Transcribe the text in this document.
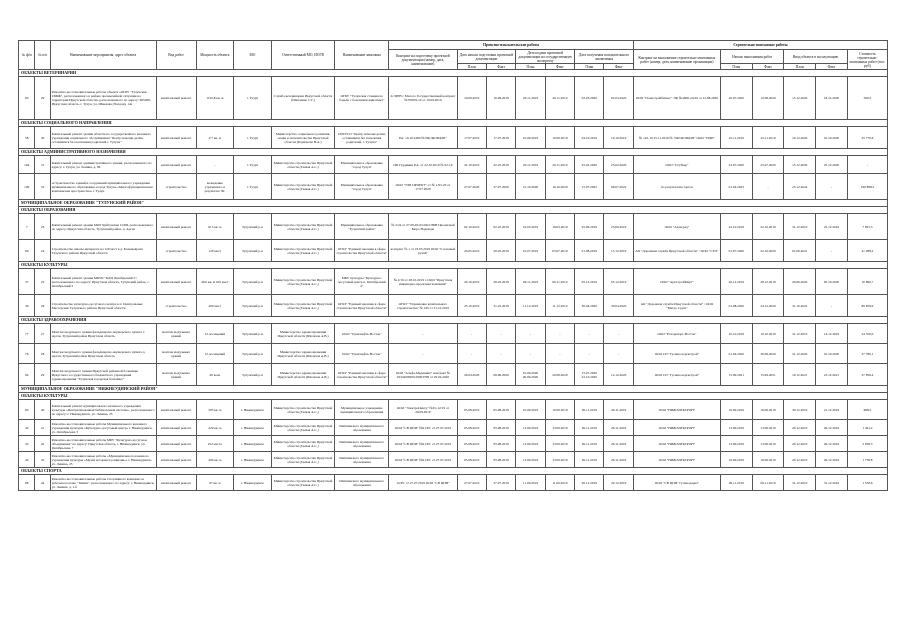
№ ф/м	№ п/п	Наименование мероприятия, адрес объекта	Вид работ	Мощность объекта	МО	Ответственный МО, ИОГВ	Наименование заказчика	Проектно-изыскательские работы							Строительно-монтажные работы					
								Контракт на подготовку проектной документации (номер, дата, наименование)	Дата начала подготовки проектной документации		Дата подачи проектной документации на государственную экспертизу		Дата получения положительного заключения		Контракт на выполнение строительно-монтажных работ (номер, дата, наименование организации)	Начало выполнения работ		Ввод объекта в эксплуатацию		Стоимость строительно-монтажных работ (тыс. руб)
									План	Факт	План	Факт	План	Факт		План	Факт	План	Факт	
ОБЪЕКТЫ ВЕТЕРИНАРИИ																				
90	29	Ремонтно-восстановительные работы объекта «ОГБУ "Тулунская СББЖ", расположенного в районе чрезвычайной ситуации на территории Иркутской области» расположенного по адресу: 665268, Иркутская область, г. Тулун, ул. Шмелева (Чалдон), 14а	капитальный ремонт	1150,8 кв. м	г. Тулун	Служба ветеринарии Иркутской области (Шапченко С.Г.)	ОГБУ "Тулунская станция по борьбе с болезнями животных"	2с/ЦЕН с Малого Государственный контракт №700/09-10 от 10.09.2019	10.09.2019	10.09.2019	20.11.2019	20.11.2019	02.03.2020	02.03.2020	ООО "Полистройбизнес" ЭФ №4600-24/20 от 12.08.2020	20.07.2020	12.08.2020	15.12.2020	18.12.2020	590,5
ОБЪЕКТЫ СОЦИАЛЬНОГО НАПРАВЛЕНИЯ																				
58	30	Капитальный ремонт здания областного государственного казенного учреждения социального обслуживания "Центр помощи детям, оставшимся без попечения родителей г. Тулуна"	капитальный ремонт	0 7 кв. м	г. Тулун	Министерство социального развития, опеки и попечительства Иркутской области (Родионова В.А.)	ОГКУСО "Центр помощи детям, оставшимся без попечения родителей, г. Тулуна"	Рег. 10.19 2490 №ЭФ/ДК/ЧЦОП"	17.07.2019	17.07.2019	10.09.2019	10.09.2019	04.10.2019	10.10.2019	№ 145-19 25.11.2019 № ЭФ/ОР/ЧЦОП" ООО "ПЦП"	25.11.2019	25.11.2019	10.12.2020	10.10.2020	25 770,6
ОБЪЕКТЫ АДМИНИСТРАТИВНОГО НАЗНАЧЕНИЯ																				
104	31	Капитальный ремонт административного здания, расположенного по адресу: г. Тулун, ул. Ленина, д. 99	капитальный ремонт	-	г. Тулун	Министерство строительства Иркутской области (Гаевая А.С.)	Муниципальное образование "город Тулун"	ИП Грудинин Р.А. от 22.10.2019 № 02-19	22.10.2019	22.10.2019	20.11.2019	20.11.2019	25.02.2020	25.02.2020	ООО "СтрТвер"	23.07.2020	25.07.2020	15.12.2020	25.12.2020	-
109	32	«Строительство зданий и сооружений муниципального учреждения муниципального образования «город Тулун» «Многофункциональная комплексная пространство» г. Тулун	строительство	возведение утраченного в результате ЧС	г. Тулун	Министерство строительства Иркутской области (Гаевая А.С.)	Муниципальное образование "город Тулун"	ООО "УРБ ПРОЕКТ" от № 1/93-20 от 17.07.2020	27.07.2020	27.07.2020	15.10.2020	16.10.2020	15.07.2022	06.07.2022	по результатам торгов	01.04.2023	-	25.12.2024	-	199 898,5
МУНИЦИПАЛЬНОЕ ОБРАЗОВАНИЕ "ТУЛУНСКИЙ РАЙОН"																				
ОБЪЕКТЫ ОБРАЗОВАНИЯ																				
7	23	Капитальный ремонт здания МОУ Куйтунская СОШ, расположенного по адресу: Иркутская область, Тулунский район, д. Арган	капитальный ремонт	615 кв. м	Тулунский р-н	Министерство строительства Иркутской области (Гаевая А.С.)	Муниципальное образование "Тулунский район"	№ 2/24 от 27.09.2019 ООО ПБН Проектный Бюро Надежды	02.10.2019	02.10.2019	19.03.2019	19.03.2019	25.09.2019	25.09.2019	ООО "Алльград"	22.10.2019	22.10.2019	31.12.2019	25.12.2019	7 901,3
69	24	Строительство школы-интерната на 120 мест в д. Большеяраля Тулунского района Иркутской области	строительство	120 мест	Тулунский р-н	Министерство строительства Иркутской области (Гаевая А.С.)	ОГКУ "Единый заказчик в сфере строительства Иркутской области"	контракт № 1 от 16.05.2019 ООО "Сосновый ручей"	20.05.2019	20.05.2019	01.07.2019	05.07.2019	01.08.2019	15.12.2019	АО "Дорожная служба Иркутской области" / ООО "СТП"	01.07.2020	22.10.2020	01.09.2021	-	41 288,2
ОБЪЕКТЫ КУЛЬТУРЫ																				
37	25	Капитальный ремонт здания МКУК "КДЦ Октябрьский 2", расположенного по адресу: Иркутская область, Тулунский район, с. Октябрьский 2	капитальный ремонт	40,0 кв. м 100 мест	Тулунский р-н	Министерство строительства Иркутской области (Гаевая А.С.)	МКУ культуры "Культурно-досуговый центр п. Октябрьский 2"	№ 2/19 от 28.10.2019 г. ООО "Иркутская инженерно-проектная компания"	20.10.2019	28.10.2019	06.11.2019	06.11.2019	05.12.2019	05.12.2019	ООО "АрхСтройМарт"	20.12.2019	28.12.2019	20.06.2020	05.10.2020	10 890,7
36	26	Строительство культурно-досугового центра в п. Центральные Мастерские Тулунского района Иркутской области	строительство	200 мест	Тулунский р-н	Министерство строительства Иркутской области (Гаевая А.С.)	ОГКУ "Единый заказчик в сфере строительства Иркутской области"	ОГКУ "Управление капитального строительства" № 245 от 31.10.2019	25.10.2019	31.10.2019	11.12.2019	11.12.2019	30.04.2020	30.04.2020	АО "Дорожная служба Иркутской области" / ООО "Метро Сруш"	01.08.2020	24.12.2020	31.10.2022	-	89 859,9
ОБЪЕКТЫ ЗДРАВООХРАНЕНИЯ																				
77	27	Монтаж модульного здания фельдшерско-акушерского пункта с. Арган, Тулунский район Иркутская область	монтаж модульных зданий	12 посещений	Тулунский р-н	Министерство здравоохранения Иркутской области (Шелехов А.В.)	ООО "Транснефть-Восток"	-	-	-	-	-	-	-	ООО "Рочорепорт-Восток"	10.10.2019	10.10.2019	31.12.2019	14.12.2019	24 350,0
76	28	Монтаж модульного здания фельдшерско-акушерского пункта д. Арган, Тулунский район Иркутская область	монтаж модульных зданий	12 посещений	Тулунский р-н	Министерство здравоохранения Иркутской области (Шелехов А.В.)	ООО "Транснефть-Восток"	-	-	-	-	-	-	-	ООО СП "Гусиноозерскстрой"	01.04.2020	30.09.2020	31.12.2020	10.10.2020	27 780,1
94	29	Монтаж модульного здания Иркутской районной больницы Иркутского государственного бюджетного учреждения здравоохранения "Тулунская городская больница"	монтаж модульных зданий	40 коек	Тулунский р-н	Министерство здравоохранения Иркутской области (Шелехов А.В.)	ОГКУ "Единый заказчик в сфере строительства Иркутской области"	ООО "Альфа-Медицина" контракт № 0234200000120003798 от 29.04.2020	29.04.2020	06.06.2020	01.06.2020 20.06.2020	20.08.2020	15.07.2020 22.10.2020	12.12.2020	ООО СП "Гусиноозерскстрой"	15.09.2021	15.09.2021	10.12.2021	23.12.2021	37 858,4
МУНИЦИПАЛЬНОЕ ОБРАЗОВАНИЕ "НИЖНЕУДИНСКИЙ РАЙОН"																				
ОБЪЕКТЫ КУЛЬТУРЫ																				
60	40	Капитальный ремонт муниципального казенного учреждения культуры «Централизованная библиотечная система», расположенного по адресу: г. Нижнеудинск, ул. Ленина, 25	капитальный ремонт	505 кв. м	г. Нижнеудинск	Министерство строительства Иркутской области (Гаевая А.С.)	Муниципальное учреждение муниципального образования	ООО "ЭлектроЦентр" №01-12/19 от 26.09.2019	05.08.2019	05.08.2019	10.09.2019	10.09.2019	26.11.2019	26.11.2019	ООО "НИЖЭЛЕКТРОН"	16.09.2019	16.09.2019	30.12.2019	21.12.2019	698,5
42	41	Ремонтно-восстановительные работы Муниципального казенного учреждения культуры «Культурно-досуговый центр» г. Нижнеудинск, ул. Октябрьская, 5	капитальный ремонт	229 кв. м	г. Нижнеудинск	Министерство строительства Иркутской области (Гаевая А.С.)	Шиткинского муниципального образования	ООО "СВ ЦПИ" №61/РС от 27.07.2019	05.08.2019	05.08.2019	13.09.2019	13.09.2019	26.11.2019	26.11.2019	ООО "НИЖЭЛЕКТРОН"	13.09.2019	13.09.2019	20.12.2019	20.12.2019	1 461,2
43	42	Ремонтно-восстановительные работы МБУ "Культурно-досуговое объединение" по адресу: Иркутская область, г. Нижнеудинск, ул. Октябрьская, 7	капитальный ремонт	252 места	г. Нижнеудинск	Министерство строительства Иркутской области (Гаевая А.С.)	Шиткинского муниципального образования	ООО "СВ ЦПИ" №61/РС от 27.07.2019	05.08.2019	05.08.2019	13.09.2019	13.09.2019	26.11.2019	26.11.2019	ООО "НИЖЭЛЕКТРОН"	13.09.2019	13.09.2019	20.12.2019	20.12.2019	2 058,3
44	43	Ремонтно-восстановительные работы «Муниципального казенного учреждения культуры «Музей истории и развития»» г. Нижнеудинск, ул. Ленина, 25	капитальный ремонт	200 кв. м	г. Нижнеудинск	Министерство строительства Иркутской области (Гаевая А.С.)	Шиткинского муниципального образования	ООО "СВ ЦПИ" №61/РС от 27.07.2019	05.08.2019	05.08.2019	13.09.2019	13.09.2019	26.11.2019	26.11.2019	ООО "НИЖЭЛЕКТРОН"	16.09.2019	16.09.2019	20.12.2019	20.12.2019	1 738,8
ОБЪЕКТЫ СПОРТА																				
98	44	Ремонтно-восстановительные работы Спортивного комплекса в рабочем поселке "Тимин", расположенного по адресу: г. Нижнеудинск, ул. Ленина, д. 1-б	капитальный ремонт	97 кв. м	г. Нижнеудинск	Министерство строительства Иркутской области (Гаевая А.С.)	Шиткинского муниципального образования	12/РС от 27.07.2019 ООО "СВ ЦПИ"	27.07.2019	27.07.2019	11.09.2019	11.09.2019	20.12.2019	20.12.2019	ООО "СВ ЦПИ" Гусинодарка"	09.11.2019	09.11.2019	31.12.2019	31.12.2019	1 556,6
